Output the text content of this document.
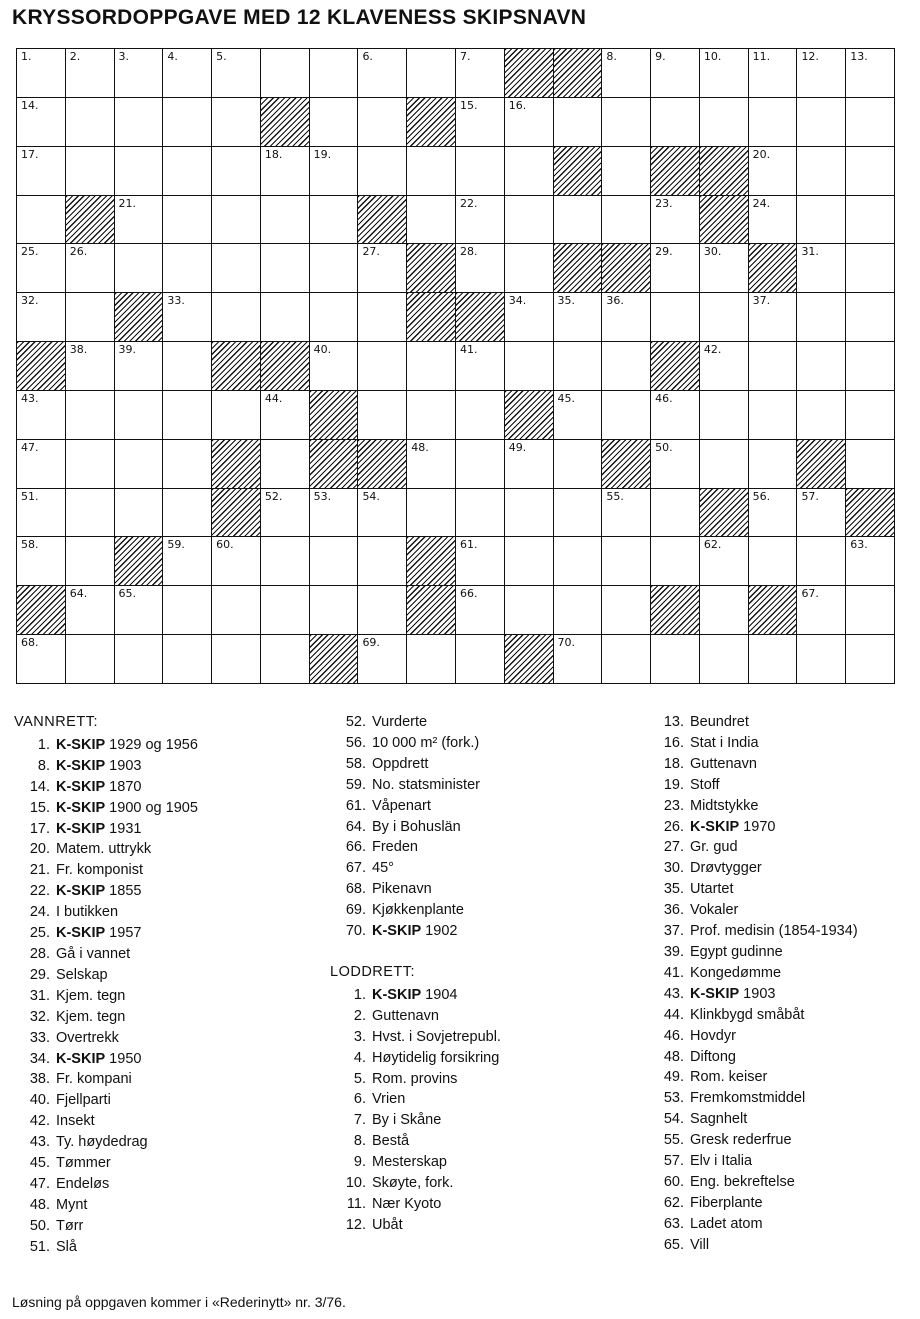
KRYSSORDOPPGAVE MED 12 KLAVENESS SKIPSNAVN
1.	2.	3.	4.	5.	6.	7.	8.	9.	10.	11.	12.	13.
14.	15.	16.
17.	18.	19.	20.
21.	22.	23.	24.
25.	26.	27.	28.	29.	30.	31.
32.	33.	34.	35.	36.	37.
38.	39.	40.	41.	42.
43.	44.	45.	46.
47.	48.	49.	50.
51.	52.	53.	54.	55.	56.	57.
58.	59.	60.	61.	62.	63.
64.	65.	66.	67.
68.	69.	70.
VANNRETT:
1. K-SKIP 1929 og 1956
8. K-SKIP 1903
14. K-SKIP 1870
15. K-SKIP 1900 og 1905
17. K-SKIP 1931
20. Matem. uttrykk
21. Fr. komponist
22. K-SKIP 1855
24. I butikken
25. K-SKIP 1957
28. Gå i vannet
29. Selskap
31. Kjem. tegn
32. Kjem. tegn
33. Overtrekk
34. K-SKIP 1950
38. Fr. kompani
40. Fjellparti
42. Insekt
43. Ty. høydedrag
45. Tømmer
47. Endeløs
48. Mynt
50. Tørr
51. Slå
52. Vurderte
56. 10 000 m² (fork.)
58. Oppdrett
59. No. statsminister
61. Våpenart
64. By i Bohuslän
66. Freden
67. 45°
68. Pikenavn
69. Kjøkkenplante
70. K-SKIP 1902
LODDRETT:
1. K-SKIP 1904
2. Guttenavn
3. Hvst. i Sovjetrepubl.
4. Høytidelig forsikring
5. Rom. provins
6. Vrien
7. By i Skåne
8. Bestå
9. Mesterskap
10. Skøyte, fork.
11. Nær Kyoto
12. Ubåt
13. Beundret
16. Stat i India
18. Guttenavn
19. Stoff
23. Midtstykke
26. K-SKIP 1970
27. Gr. gud
30. Drøvtygger
35. Utartet
36. Vokaler
37. Prof. medisin (1854-1934)
39. Egypt gudinne
41. Kongedømme
43. K-SKIP 1903
44. Klinkbygd småbåt
46. Hovdyr
48. Diftong
49. Rom. keiser
53. Fremkomstmiddel
54. Sagnhelt
55. Gresk rederfrue
57. Elv i Italia
60. Eng. bekreftelse
62. Fiberplante
63. Ladet atom
65. Vill
Løsning på oppgaven kommer i «Rederinytt» nr. 3/76.
